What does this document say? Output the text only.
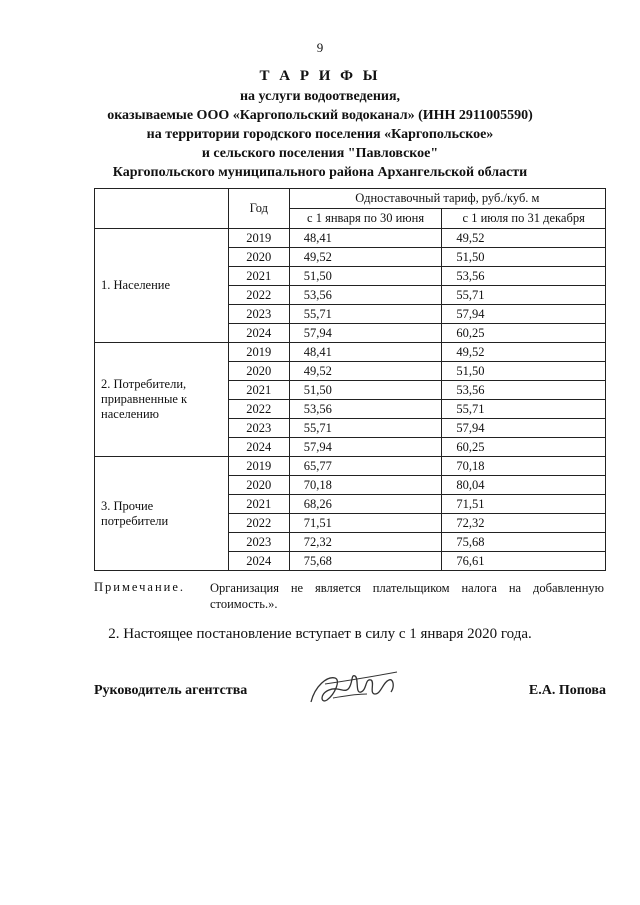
9
Т А Р И Ф Ы
на услуги водоотведения,
оказываемые ООО «Каргопольский водоканал» (ИНН 2911005590)
на территории городского поселения «Каргопольское»
и сельского поселения "Павловское"
Каргопольского муниципального района Архангельской области
	Год	Одноставочный тариф, руб./куб. м	
		с 1 января по 30 июня	с 1 июля по 31 декабря
1. Население	2019	48,41	49,52
	2020	49,52	51,50
	2021	51,50	53,56
	2022	53,56	55,71
	2023	55,71	57,94
	2024	57,94	60,25
2. Потребители, приравненные к населению	2019	48,41	49,52
	2020	49,52	51,50
	2021	51,50	53,56
	2022	53,56	55,71
	2023	55,71	57,94
	2024	57,94	60,25
3. Прочие потребители	2019	65,77	70,18
	2020	70,18	80,04
	2021	68,26	71,51
	2022	71,51	72,32
	2023	72,32	75,68
	2024	75,68	76,61
Примечание. Организация не является плательщиком налога на добавленную стоимость.».
2. Настоящее постановление вступает в силу с 1 января 2020 года.
Руководитель агентства	Е.А. Попова
